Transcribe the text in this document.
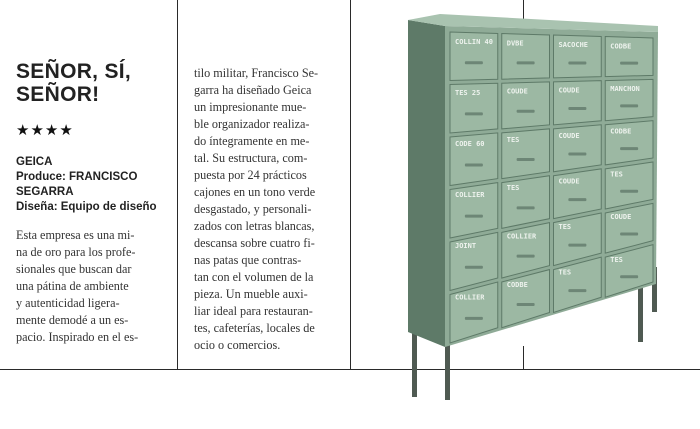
SEÑOR, SÍ,
SEÑOR!
★★★★
GEICA
Produce: FRANCISCO
SEGARRA
Diseña: Equipo de diseño
Esta empresa es una mi-
na de oro para los profe-
sionales que buscan dar
una pátina de ambiente
y autenticidad ligera-
mente demodé a un es-
pacio. Inspirado en el es-
tilo militar, Francisco Se-
garra ha diseñado Geica
un impresionante mue-
ble organizador realiza-
do íntegramente en me-
tal. Su estructura, com-
puesta por 24 prácticos
cajones en un tono verde
desgastado, y personali-
zados con letras blancas,
descansa sobre cuatro fi-
nas patas que contras-
tan con el volumen de la
pieza. Un mueble auxi-
liar ideal para restauran-
tes, cafeterías, locales de
ocio o comercios.
COLLIN 40 DVBE	SACOCHE	CODBE
TES 25	COUDE	COUDE	MANCHON
CODE 60
TES
COUDE
CODBE
COLLIER
TES
COUDE
TES
JOINT
COLLIER
TES
COUDE
COLLIER
CODBE
TES
TES
